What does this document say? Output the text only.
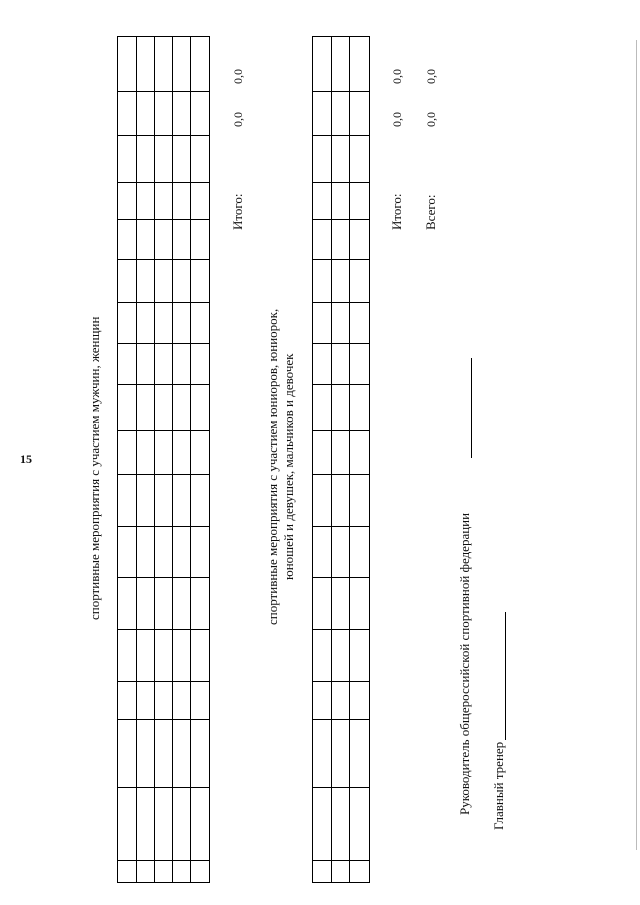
15	спортивные мероприятия с участием мужчин, женщин
Итого:
0,0
0,0
спортивные мероприятия с участием юниоров, юниорок, юношей и девушек, мальчиков и девочек
Итого:
0,0
0,0
Всего:
0,0
0,0
Руководитель общероссийской спортивной федерации Главный тренер
